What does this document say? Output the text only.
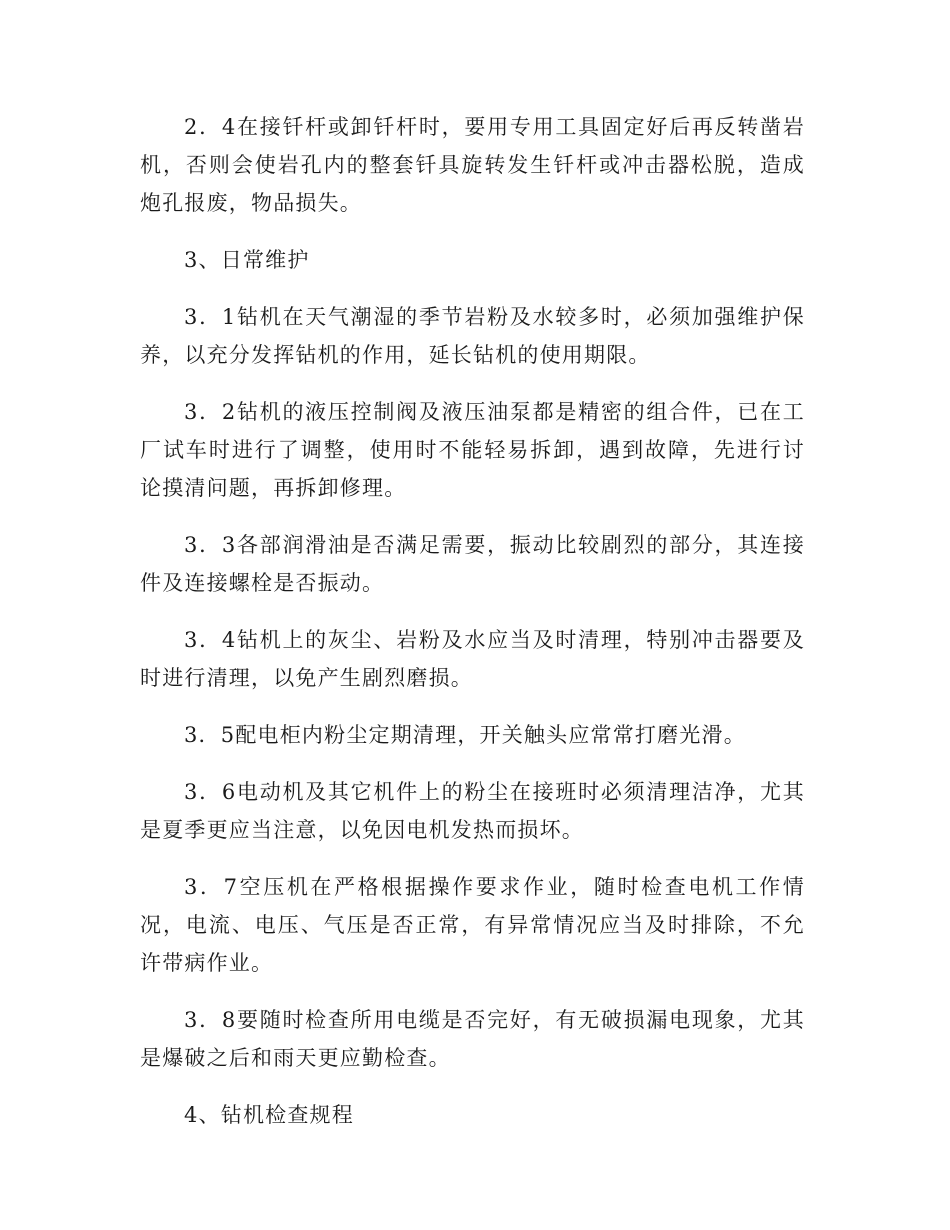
2．4在接钎杆或卸钎杆时，要用专用工具固定好后再反转凿岩机，否则会使岩孔内的整套钎具旋转发生钎杆或冲击器松脱，造成炮孔报废，物品损失。

3、日常维护

3．1钻机在天气潮湿的季节岩粉及水较多时，必须加强维护保养，以充分发挥钻机的作用，延长钻机的使用期限。

3．2钻机的液压控制阀及液压油泵都是精密的组合件，已在工厂试车时进行了调整，使用时不能轻易拆卸，遇到故障，先进行讨论摸清问题，再拆卸修理。

3．3各部润滑油是否满足需要，振动比较剧烈的部分，其连接件及连接螺栓是否振动。

3．4钻机上的灰尘、岩粉及水应当及时清理，特别冲击器要及时进行清理，以免产生剧烈磨损。

3．5配电柜内粉尘定期清理，开关触头应常常打磨光滑。

3．6电动机及其它机件上的粉尘在接班时必须清理洁净，尤其是夏季更应当注意，以免因电机发热而损坏。

3．7空压机在严格根据操作要求作业，随时检查电机工作情况，电流、电压、气压是否正常，有异常情况应当及时排除，不允许带病作业。

3．8要随时检查所用电缆是否完好，有无破损漏电现象，尤其是爆破之后和雨天更应勤检查。

4、钻机检查规程
